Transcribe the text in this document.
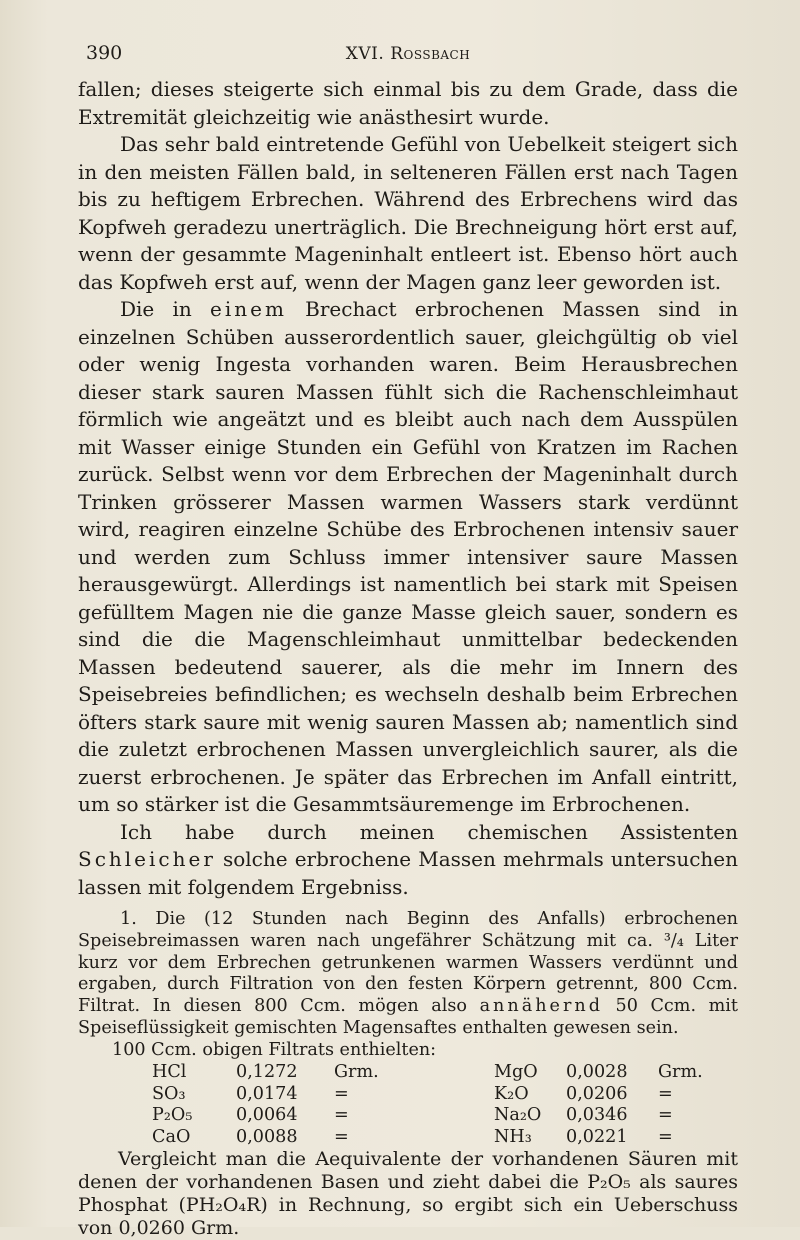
390	XVI. Rossbach

fallen; dieses steigerte sich einmal bis zu dem Grade, dass die Extremität gleichzeitig wie anästhesirt wurde.

Das sehr bald eintretende Gefühl von Uebelkeit steigert sich in den meisten Fällen bald, in selteneren Fällen erst nach Tagen bis zu heftigem Erbrechen. Während des Erbrechens wird das Kopfweh geradezu unerträglich. Die Brechneigung hört erst auf, wenn der gesammte Mageninhalt entleert ist. Ebenso hört auch das Kopfweh erst auf, wenn der Magen ganz leer geworden ist.

Die in einem Brechact erbrochenen Massen sind in einzelnen Schüben ausserordentlich sauer, gleichgültig ob viel oder wenig Ingesta vorhanden waren. Beim Herausbrechen dieser stark sauren Massen fühlt sich die Rachenschleimhaut förmlich wie angeätzt und es bleibt auch nach dem Ausspülen mit Wasser einige Stunden ein Gefühl von Kratzen im Rachen zurück. Selbst wenn vor dem Erbrechen der Mageninhalt durch Trinken grösserer Massen warmen Wassers stark verdünnt wird, reagiren einzelne Schübe des Erbrochenen intensiv sauer und werden zum Schluss immer intensiver saure Massen herausgewürgt. Allerdings ist namentlich bei stark mit Speisen gefülltem Magen nie die ganze Masse gleich sauer, sondern es sind die die Magenschleimhaut unmittelbar bedeckenden Massen bedeutend sauerer, als die mehr im Innern des Speisebreies befindlichen; es wechseln deshalb beim Erbrechen öfters stark saure mit wenig sauren Massen ab; namentlich sind die zuletzt erbrochenen Massen unvergleichlich saurer, als die zuerst erbrochenen. Je später das Erbrechen im Anfall eintritt, um so stärker ist die Gesammtsäuremenge im Erbrochenen.

Ich habe durch meinen chemischen Assistenten Schleicher solche erbrochene Massen mehrmals untersuchen lassen mit folgendem Ergebniss.

1. Die (12 Stunden nach Beginn des Anfalls) erbrochenen Speisebreimassen waren nach ungefährer Schätzung mit ca. ³/₄ Liter kurz vor dem Erbrechen getrunkenen warmen Wassers verdünnt und ergaben, durch Filtration von den festen Körpern getrennt, 800 Ccm. Filtrat. In diesen 800 Ccm. mögen also annähernd 50 Ccm. mit Speiseflüssigkeit gemischten Magensaftes enthalten gewesen sein.

100 Ccm. obigen Filtrats enthielten:
HCl	0,1272	Grm.	MgO	0,0028	Grm.
SO₃	0,0174	=	K₂O	0,0206	=
P₂O₅	0,0064	=	Na₂O	0,0346	=
CaO	0,0088	=	NH₃	0,0221	=

Vergleicht man die Aequivalente der vorhandenen Säuren mit denen der vorhandenen Basen und zieht dabei die P₂O₅ als saures Phosphat (PH₂O₄R) in Rechnung, so ergibt sich ein Ueberschuss von 0,0260 Grm.
